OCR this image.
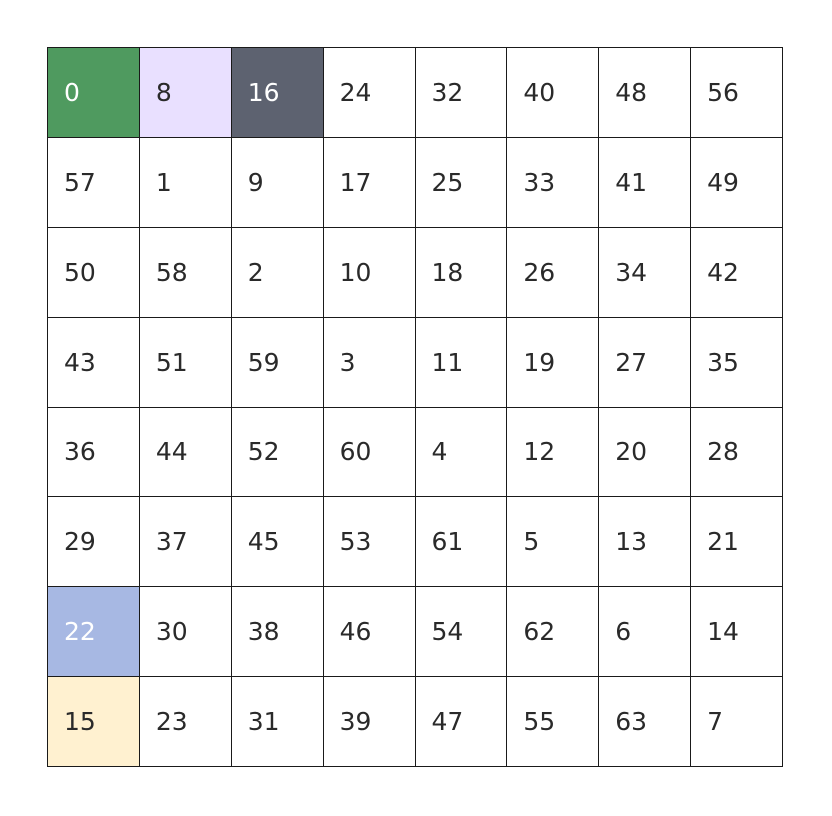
0	8	16	24	32	40	48	56
57	1	9	17	25	33	41	49
50	58	2	10	18	26	34	42
43	51	59	3	11	19	27	35
36	44	52	60	4	12	20	28
29	37	45	53	61	5	13	21
22	30	38	46	54	62	6	14
15	23	31	39	47	55	63	7
